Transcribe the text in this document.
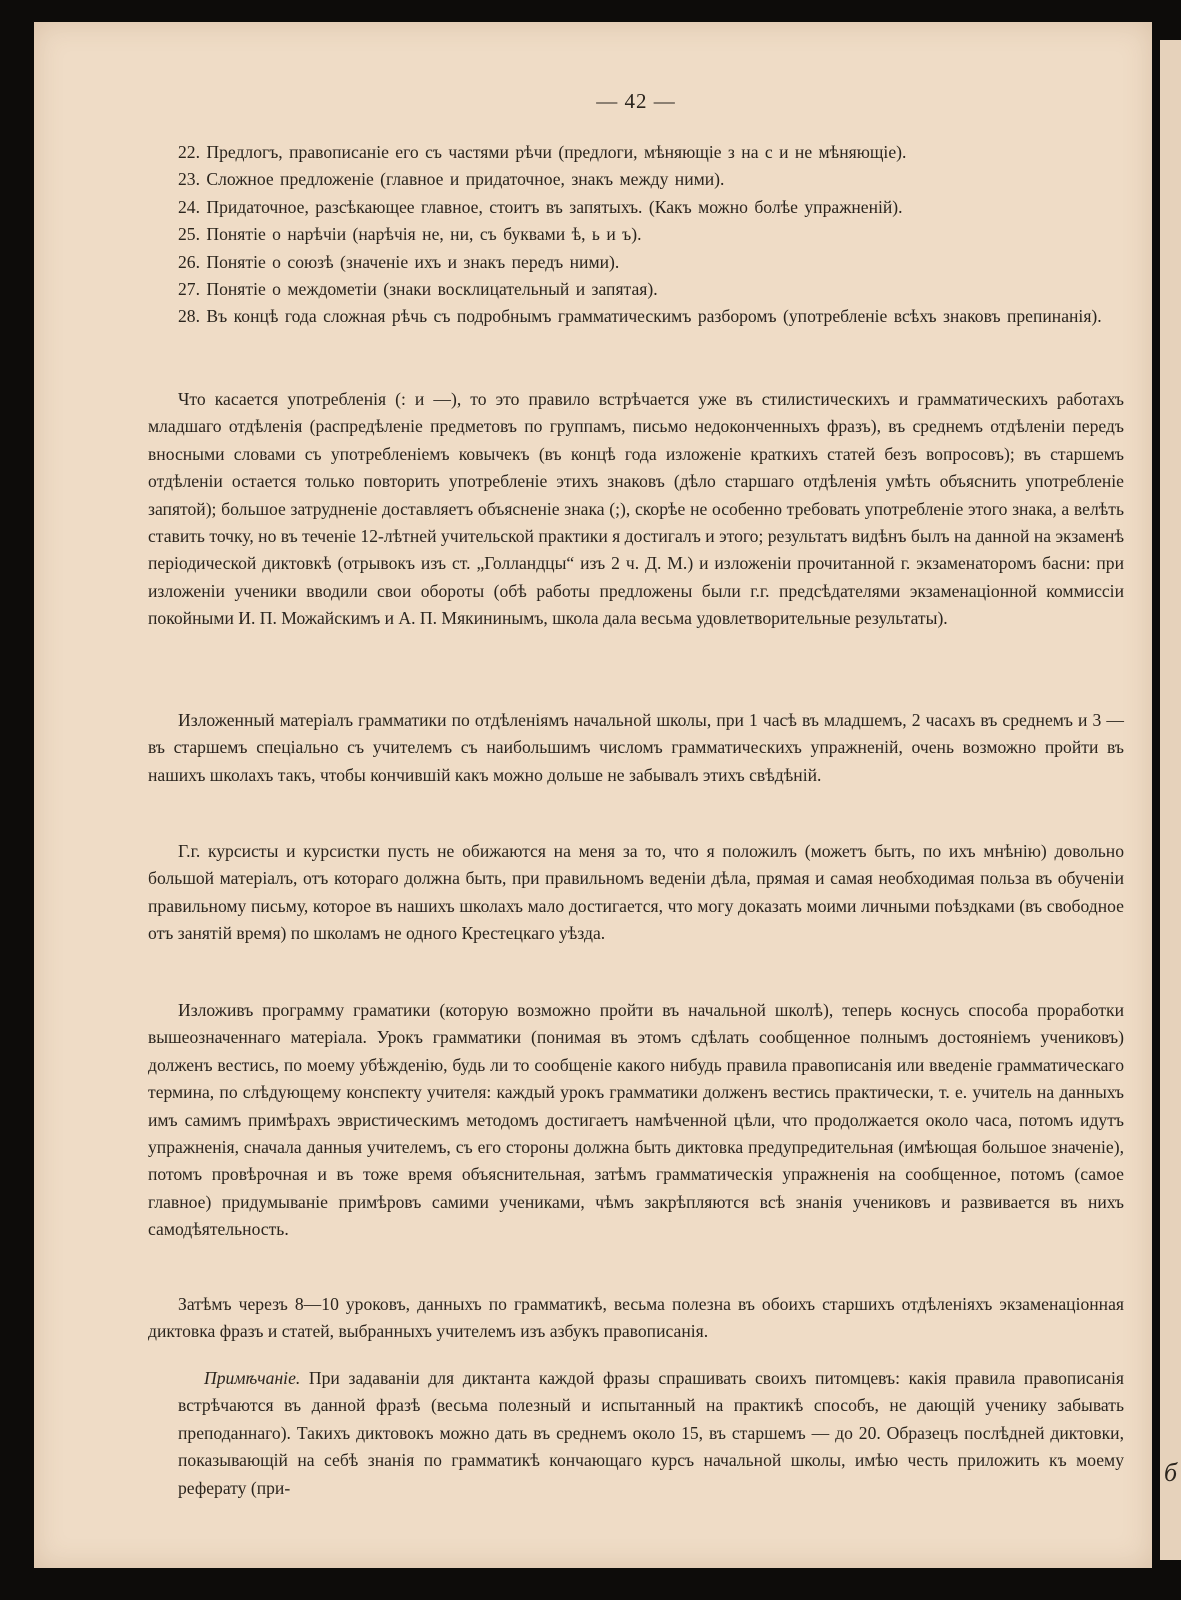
— 42 —

22. Предлогъ, правописаніе его съ частями рѣчи (предлоги, мѣняющіе з на с и не мѣняющіе).

23. Сложное предложеніе (главное и придаточное, знакъ между ними).

24. Придаточное, разсѣкающее главное, стоитъ въ запятыхъ. (Какъ можно болѣе упражненій).

25. Понятіе о нарѣчіи (нарѣчія не, ни, съ буквами ѣ, ь и ъ).

26. Понятіе о союзѣ (значеніе ихъ и знакъ передъ ними).

27. Понятіе о междометіи (знаки восклицательный и запятая).

28. Въ концѣ года сложная рѣчь съ подробнымъ грамматическимъ разборомъ (употребленіе всѣхъ знаковъ препинанія).

Что касается употребленія (: и —), то это правило встрѣчается уже въ стилистическихъ и грамматическихъ работахъ младшаго отдѣленія (распредѣленіе предметовъ по группамъ, письмо недоконченныхъ фразъ), въ среднемъ отдѣленіи передъ вносными словами съ употребленіемъ ковычекъ (въ концѣ года изложеніе краткихъ статей безъ вопросовъ); въ старшемъ отдѣленіи остается только повторить употребленіе этихъ знаковъ (дѣло старшаго отдѣленія умѣть объяснить употребленіе запятой); большое затрудненіе доставляетъ объясненіе знака (;), скорѣе не особенно требовать употребленіе этого знака, а велѣть ставить точку, но въ теченіе 12-лѣтней учительской практики я достигалъ и этого; результатъ видѣнъ былъ на данной на экзаменѣ періодической диктовкѣ (отрывокъ изъ ст. „Голландцы“ изъ 2 ч. Д. М.) и изложеніи прочитанной г. экзаменаторомъ басни: при изложеніи ученики вводили свои обороты (обѣ работы предложены были г.г. предсѣдателями экзаменаціонной коммиссіи покойными И. П. Можайскимъ и А. П. Мякининымъ, школа дала весьма удовлетворительные результаты).

Изложенный матеріалъ грамматики по отдѣленіямъ начальной школы, при 1 часѣ въ младшемъ, 2 часахъ въ среднемъ и 3 — въ старшемъ спеціально съ учителемъ съ наибольшимъ числомъ грамматическихъ упражненій, очень возможно пройти въ нашихъ школахъ такъ, чтобы кончившій какъ можно дольше не забывалъ этихъ свѣдѣній.

Г.г. курсисты и курсистки пусть не обижаются на меня за то, что я положилъ (можетъ быть, по ихъ мнѣнію) довольно большой матеріалъ, отъ котораго должна быть, при правильномъ веденіи дѣла, прямая и самая необходимая польза въ обученіи правильному письму, которое въ нашихъ школахъ мало достигается, что могу доказать моими личными поѣздками (въ свободное отъ занятій время) по школамъ не одного Крестецкаго уѣзда.

Изложивъ программу граматики (которую возможно пройти въ начальной школѣ), теперь коснусь способа проработки вышеозначеннаго матеріала. Урокъ грамматики (понимая въ этомъ сдѣлать сообщенное полнымъ достояніемъ учениковъ) долженъ вестись, по моему убѣжденію, будь ли то сообщеніе какого нибудь правила правописанія или введеніе грамматическаго термина, по слѣдующему конспекту учителя: каждый урокъ грамматики долженъ вестись практически, т. е. учитель на данныхъ имъ самимъ примѣрахъ эвристическимъ методомъ достигаетъ намѣченной цѣли, что продолжается около часа, потомъ идутъ упражненія, сначала данныя учителемъ, съ его стороны должна быть диктовка предупредительная (имѣющая большое значеніе), потомъ провѣрочная и въ тоже время объяснительная, затѣмъ грамматическія упражненія на сообщенное, потомъ (самое главное) придумываніе примѣровъ самими учениками, чѣмъ закрѣпляются всѣ знанія учениковъ и развивается въ нихъ самодѣятельность.

Затѣмъ черезъ 8—10 уроковъ, данныхъ по грамматикѣ, весьма полезна въ обоихъ старшихъ отдѣленіяхъ экзаменаціонная диктовка фразъ и статей, выбранныхъ учителемъ изъ азбукъ правописанія.

Примѣчаніе. При задаваніи для диктанта каждой фразы спрашивать своихъ питомцевъ: какія правила правописанія встрѣчаются въ данной фразѣ (весьма полезный и испытанный на практикѣ способъ, не дающій ученику забывать преподаннаго). Такихъ диктовокъ можно дать въ среднемъ около 15, въ старшемъ — до 20. Образецъ послѣдней диктовки, показывающій на себѣ знанія по грамматикѣ кончающаго курсъ начальной школы, имѣю честь приложить къ моему реферату (при-

б
